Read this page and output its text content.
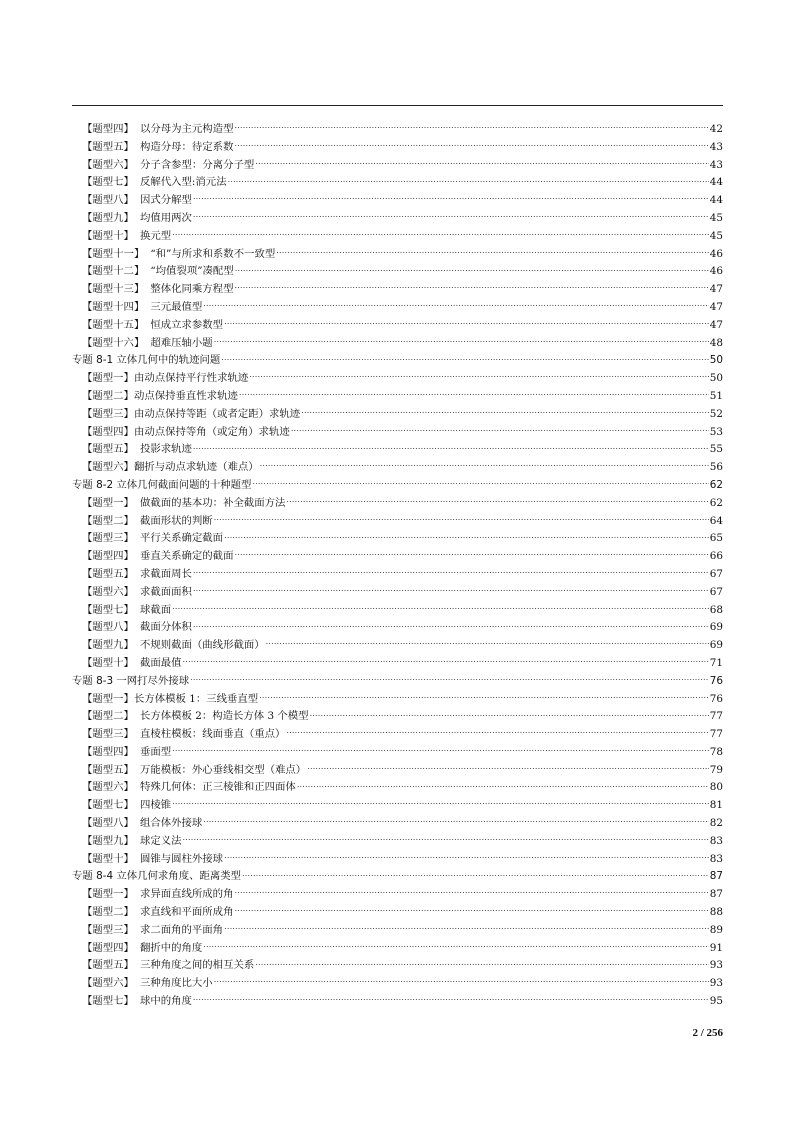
【题型四】 以分母为主元构造型 .....	42
【题型五】 构造分母：待定系数 .....	43
【题型六】 分子含参型：分离分子型 .....	43
【题型七】 反解代入型:消元法 .....	44
【题型八】 因式分解型 .....	44
【题型九】 均值用两次 .....	45
【题型十】 换元型 .....	45
【题型十一】 “和”与所求和系数不一致型 .....	46
【题型十二】 “均值裂项”凑配型 .....	46
【题型十三】 整体化同乘方程型 .....	47
【题型十四】 三元最值型 .....	47
【题型十五】 恒成立求参数型 .....	47
【题型十六】 超难压轴小题 .....	48
专题 8-1 立体几何中的轨迹问题 .....	50
【题型一】 由动点保持平行性求轨迹 .....	50
【题型二】 动点保持垂直性求轨迹 .....	51
【题型三】 由动点保持等距（或者定距）求轨迹 .....	52
【题型四】 由动点保持等角（或定角）求轨迹 .....	53
【题型五】 投影求轨迹 .....	55
【题型六】 翻折与动点求轨迹（难点） .....	56
专题 8-2 立体几何截面问题的十种题型 .....	62
【题型一】 做截面的基本功：补全截面方法 .....	62
【题型二】 截面形状的判断 .....	64
【题型三】 平行关系确定截面 .....	65
【题型四】 垂直关系确定的截面 .....	66
【题型五】 求截面周长 .....	67
【题型六】 求截面面积 .....	67
【题型七】 球截面 .....	68
【题型八】 截面分体积 .....	69
【题型九】 不规则截面（曲线形截面） .....	69
【题型十】 截面最值 .....	71
专题 8-3 一网打尽外接球 .....	76
【题型一】 长方体模板 1：三线垂直型 .....	76
【题型二】 长方体模板 2：构造长方体 3 个模型 .....	77
【题型三】 直棱柱模板：线面垂直（重点） .....	77
【题型四】 垂面型 .....	78
【题型五】 万能模板：外心垂线相交型（难点） .....	79
【题型六】 特殊几何体：正三棱锥和正四面体 .....	80
【题型七】 四棱锥 .....	81
【题型八】 组合体外接球 .....	82
【题型九】 球定义法 .....	83
【题型十】 圆锥与圆柱外接球 .....	83
专题 8-4 立体几何求角度、距离类型 .....	87
【题型一】 求异面直线所成的角 .....	87
【题型二】 求直线和平面所成角 .....	88
【题型三】 求二面角的平面角 .....	89
【题型四】 翻折中的角度 .....	91
【题型五】 三种角度之间的相互关系 .....	93
【题型六】 三种角度比大小 .....	93
【题型七】 球中的角度 .....	95
2 / 256
